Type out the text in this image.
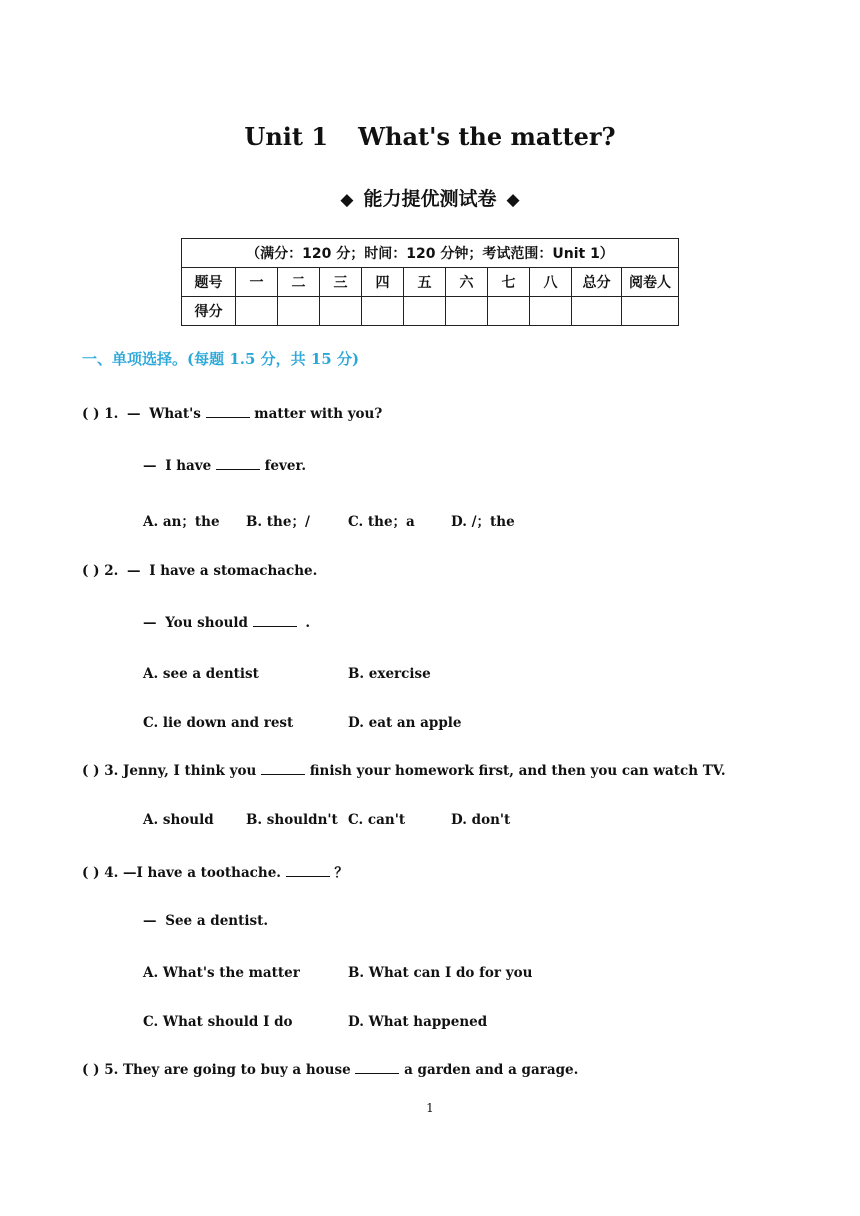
Unit 1 What's the matter?
◆ 能力提优测试卷 ◆
（满分：120 分；时间：120 分钟；考试范围：Unit 1）										
题号	一	二	三	四	五	六	七	八	总分	阅卷人
得分										
一、单项选择。(每题 1.5 分，共 15 分)
( ) 1. — What's	matter with you?
— I have	fever.
A. an；the B. the；/	C. the；a	D. /；the
( ) 2. — I have a stomachache.
— You should	.
A. see a dentist	B. exercise
C. lie down and rest	D. eat an apple
( ) 3. Jenny, I think you	finish your homework first, and then you can watch TV.
A. should B. shouldn't C. can't	D. don't
( ) 4. —I have a toothache.	？
— See a dentist.
A. What's the matter	B. What can I do for you
C. What should I do	D. What happened
( ) 5. They are going to buy a house	a garden and a garage.
1
